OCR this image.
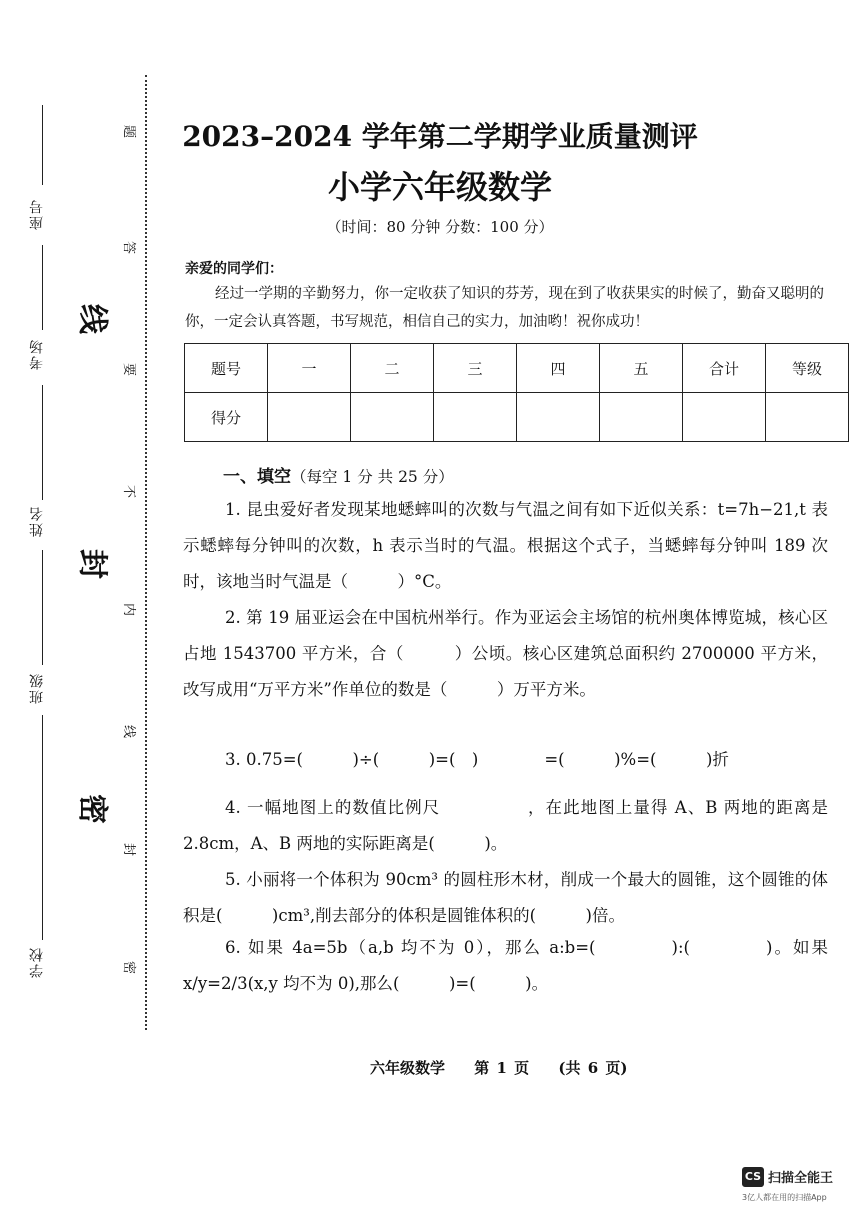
座号
考场
姓名
班级
学校
线
封
密
题
答
要
不
内
线
封
密
2023–2024 学年第二学期学业质量测评
小学六年级数学
（时间：80 分钟 分数：100 分）
亲爱的同学们：
经过一学期的辛勤努力，你一定收获了知识的芬芳，现在到了收获果实的时候了，勤奋又聪明的你，一定会认真答题，书写规范，相信自己的实力，加油哟！祝你成功！
题号	一	二	三	四	五	合计	等级
得分							
一、填空（每空 1 分 共 25 分）
1. 昆虫爱好者发现某地蟋蟀叫的次数与气温之间有如下近似关系：t=7h−21,t 表示蟋蟀每分钟叫的次数，h 表示当时的气温。根据这个式子，当蟋蟀每分钟叫 189 次时，该地当时气温是（　　　）°C。
2. 第 19 届亚运会在中国杭州举行。作为亚运会主场馆的杭州奥体博览城，核心区占地 1543700 平方米，合（　　　）公顷。核心区建筑总面积约 2700000 平方米，改写成用“万平方米”作单位的数是（　　　）万平方米。
3. 0.75=(　　　)÷(　　　)=(　)　　　　=(　　　)%=(　　　)折
4. 一幅地图上的数值比例尺　　　　　，在此地图上量得 A、B 两地的距离是 2.8cm，A、B 两地的实际距离是(　　　)。
5. 小丽将一个体积为 90cm³ 的圆柱形木材，削成一个最大的圆锥，这个圆锥的体积是(　　　)cm³,削去部分的体积是圆锥体积的(　　　)倍。
6. 如果 4a=5b（a,b 均不为 0），那么 a:b=(　　　　):(　　　　)。如果 x/y=2/3(x,y 均不为 0),那么(　　　)=(　　　)。
六年级数学 第 1 页 (共 6 页)
CS 扫描全能王
3亿人都在用的扫描App
